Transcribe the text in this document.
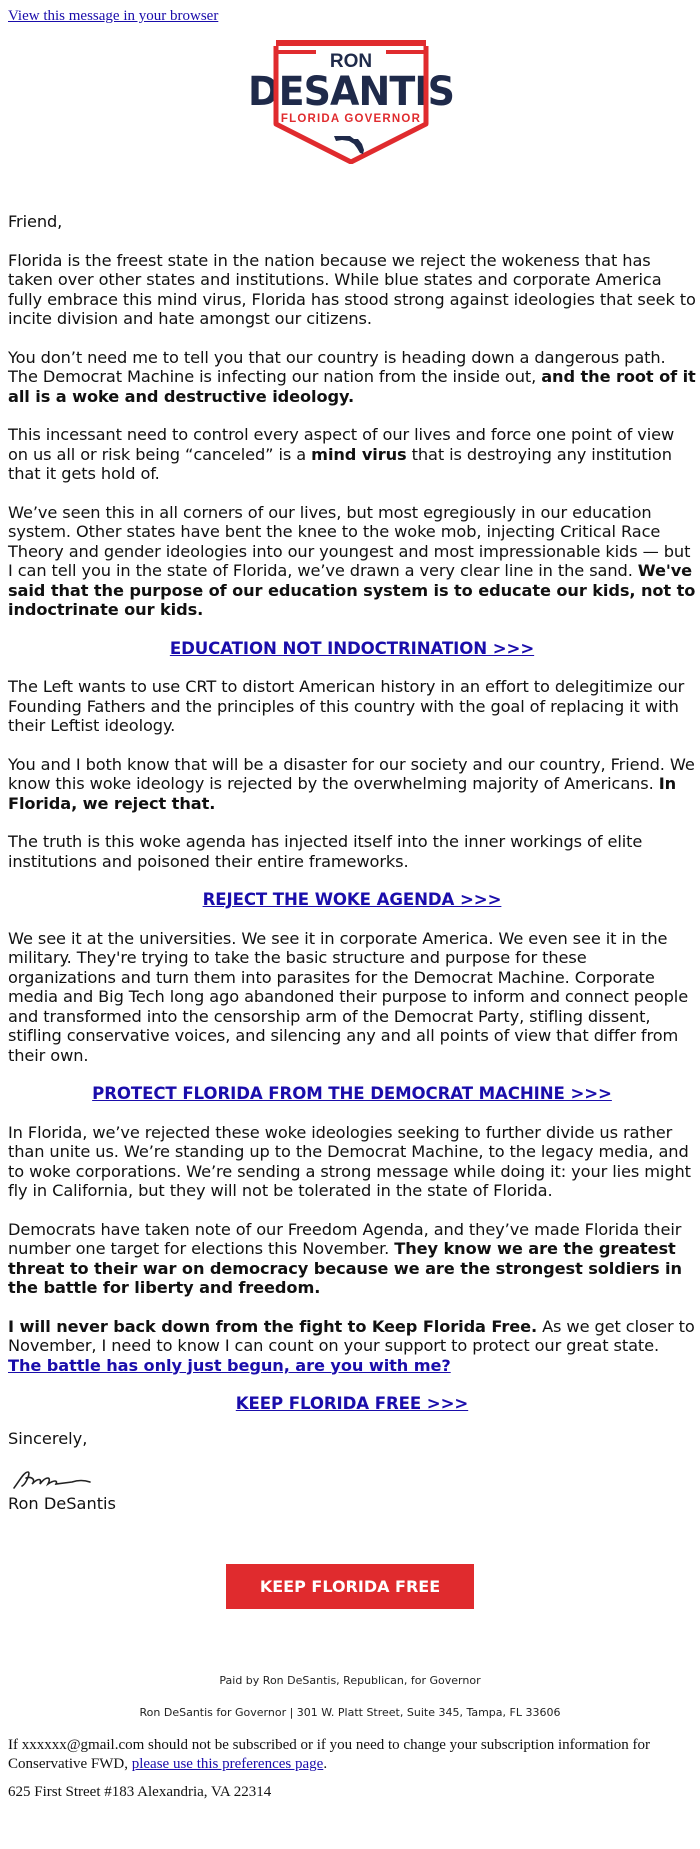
View this message in your browser
RON
DESANTIS
FLORIDA GOVERNOR

Friend,

Florida is the freest state in the nation because we reject the wokeness that has taken over other states and institutions. While blue states and corporate America fully embrace this mind virus, Florida has stood strong against ideologies that seek to incite division and hate amongst our citizens.

You don’t need me to tell you that our country is heading down a dangerous path. The Democrat Machine is infecting our nation from the inside out, and the root of it all is a woke and destructive ideology.

This incessant need to control every aspect of our lives and force one point of view on us all or risk being “canceled” is a mind virus that is destroying any institution that it gets hold of.

We’ve seen this in all corners of our lives, but most egregiously in our education system. Other states have bent the knee to the woke mob, injecting Critical Race Theory and gender ideologies into our youngest and most impressionable kids — but I can tell you in the state of Florida, we’ve drawn a very clear line in the sand. We've said that the purpose of our education system is to educate our kids, not to indoctrinate our kids.

EDUCATION NOT INDOCTRINATION >>>

The Left wants to use CRT to distort American history in an effort to delegitimize our Founding Fathers and the principles of this country with the goal of replacing it with their Leftist ideology.

You and I both know that will be a disaster for our society and our country, Friend. We know this woke ideology is rejected by the overwhelming majority of Americans. In Florida, we reject that.

The truth is this woke agenda has injected itself into the inner workings of elite institutions and poisoned their entire frameworks.

REJECT THE WOKE AGENDA >>>

We see it at the universities. We see it in corporate America. We even see it in the military. They're trying to take the basic structure and purpose for these organizations and turn them into parasites for the Democrat Machine. Corporate media and Big Tech long ago abandoned their purpose to inform and connect people and transformed into the censorship arm of the Democrat Party, stifling dissent, stifling conservative voices, and silencing any and all points of view that differ from their own.

PROTECT FLORIDA FROM THE DEMOCRAT MACHINE >>>

In Florida, we’ve rejected these woke ideologies seeking to further divide us rather than unite us. We’re standing up to the Democrat Machine, to the legacy media, and to woke corporations. We’re sending a strong message while doing it: your lies might fly in California, but they will not be tolerated in the state of Florida.

Democrats have taken note of our Freedom Agenda, and they’ve made Florida their number one target for elections this November. They know we are the greatest threat to their war on democracy because we are the strongest soldiers in the battle for liberty and freedom.

I will never back down from the fight to Keep Florida Free. As we get closer to November, I need to know I can count on your support to protect our great state. The battle has only just begun, are you with me?

KEEP FLORIDA FREE >>>
Sincerely,
Ron DeSantis
KEEP FLORIDA FREE
Paid by Ron DeSantis, Republican, for Governor
Ron DeSantis for Governor | 301 W. Platt Street, Suite 345, Tampa, FL 33606
If xxxxxx@gmail.com should not be subscribed or if you need to change your subscription information for Conservative FWD, please use this preferences page.
625 First Street #183 Alexandria, VA 22314
